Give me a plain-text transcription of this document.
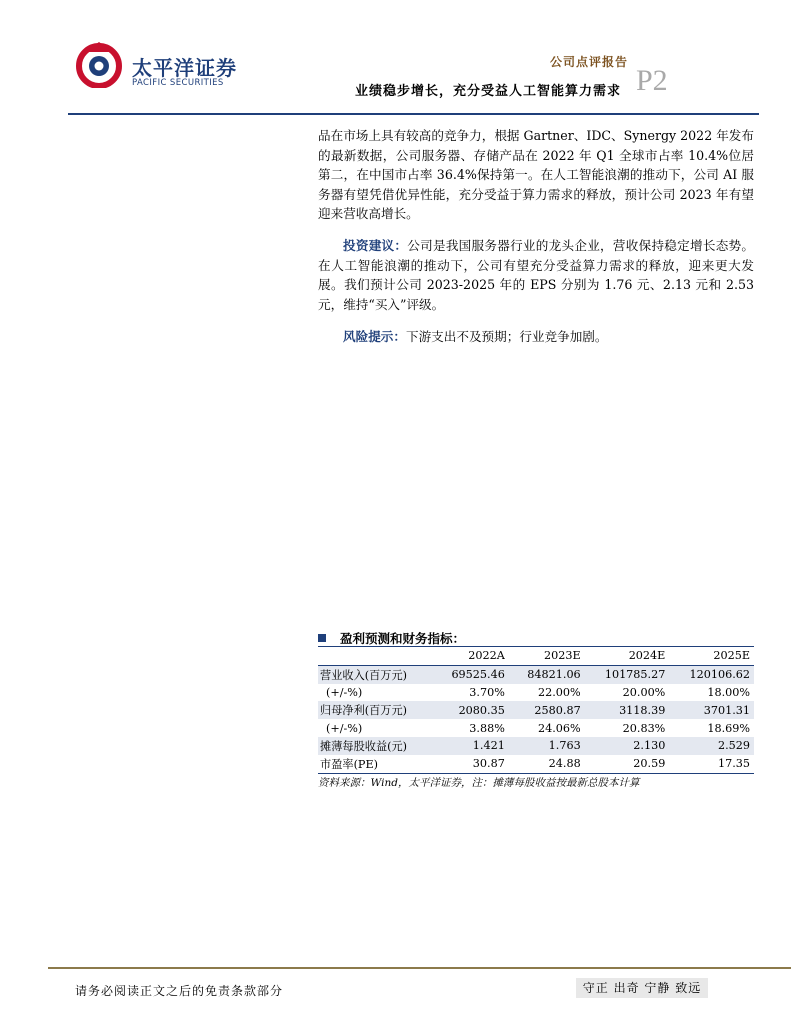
太平洋证券
PACIFIC SECURITIES
公司点评报告
业绩稳步增长，充分受益人工智能算力需求 P2

品在市场上具有较高的竞争力，根据 Gartner、IDC、Synergy 2022 年发布的最新数据，公司服务器、存储产品在 2022 年 Q1 全球市占率 10.4%位居第二，在中国市占率 36.4%保持第一。在人工智能浪潮的推动下，公司 AI 服务器有望凭借优异性能，充分受益于算力需求的释放，预计公司 2023 年有望迎来营收高增长。

投资建议：公司是我国服务器行业的龙头企业，营收保持稳定增长态势。在人工智能浪潮的推动下，公司有望充分受益算力需求的释放，迎来更大发展。我们预计公司 2023-2025 年的 EPS 分别为 1.76 元、2.13 元和 2.53 元，维持“买入”评级。

风险提示：下游支出不及预期；行业竞争加剧。

盈利预测和财务指标：
	2022A	2023E	2024E	2025E
营业收入(百万元)	69525.46	84821.06	101785.27	120106.62
(+/-%)	3.70%	22.00%	20.00%	18.00%
归母净利(百万元)	2080.35	2580.87	3118.39	3701.31
(+/-%)	3.88%	24.06%	20.83%	18.69%
摊薄每股收益(元)	1.421	1.763	2.130	2.529
市盈率(PE)	30.87	24.88	20.59	17.35
资料来源：Wind，太平洋证券，注：摊薄每股收益按最新总股本计算
请务必阅读正文之后的免责条款部分	守正 出奇 宁静 致远
